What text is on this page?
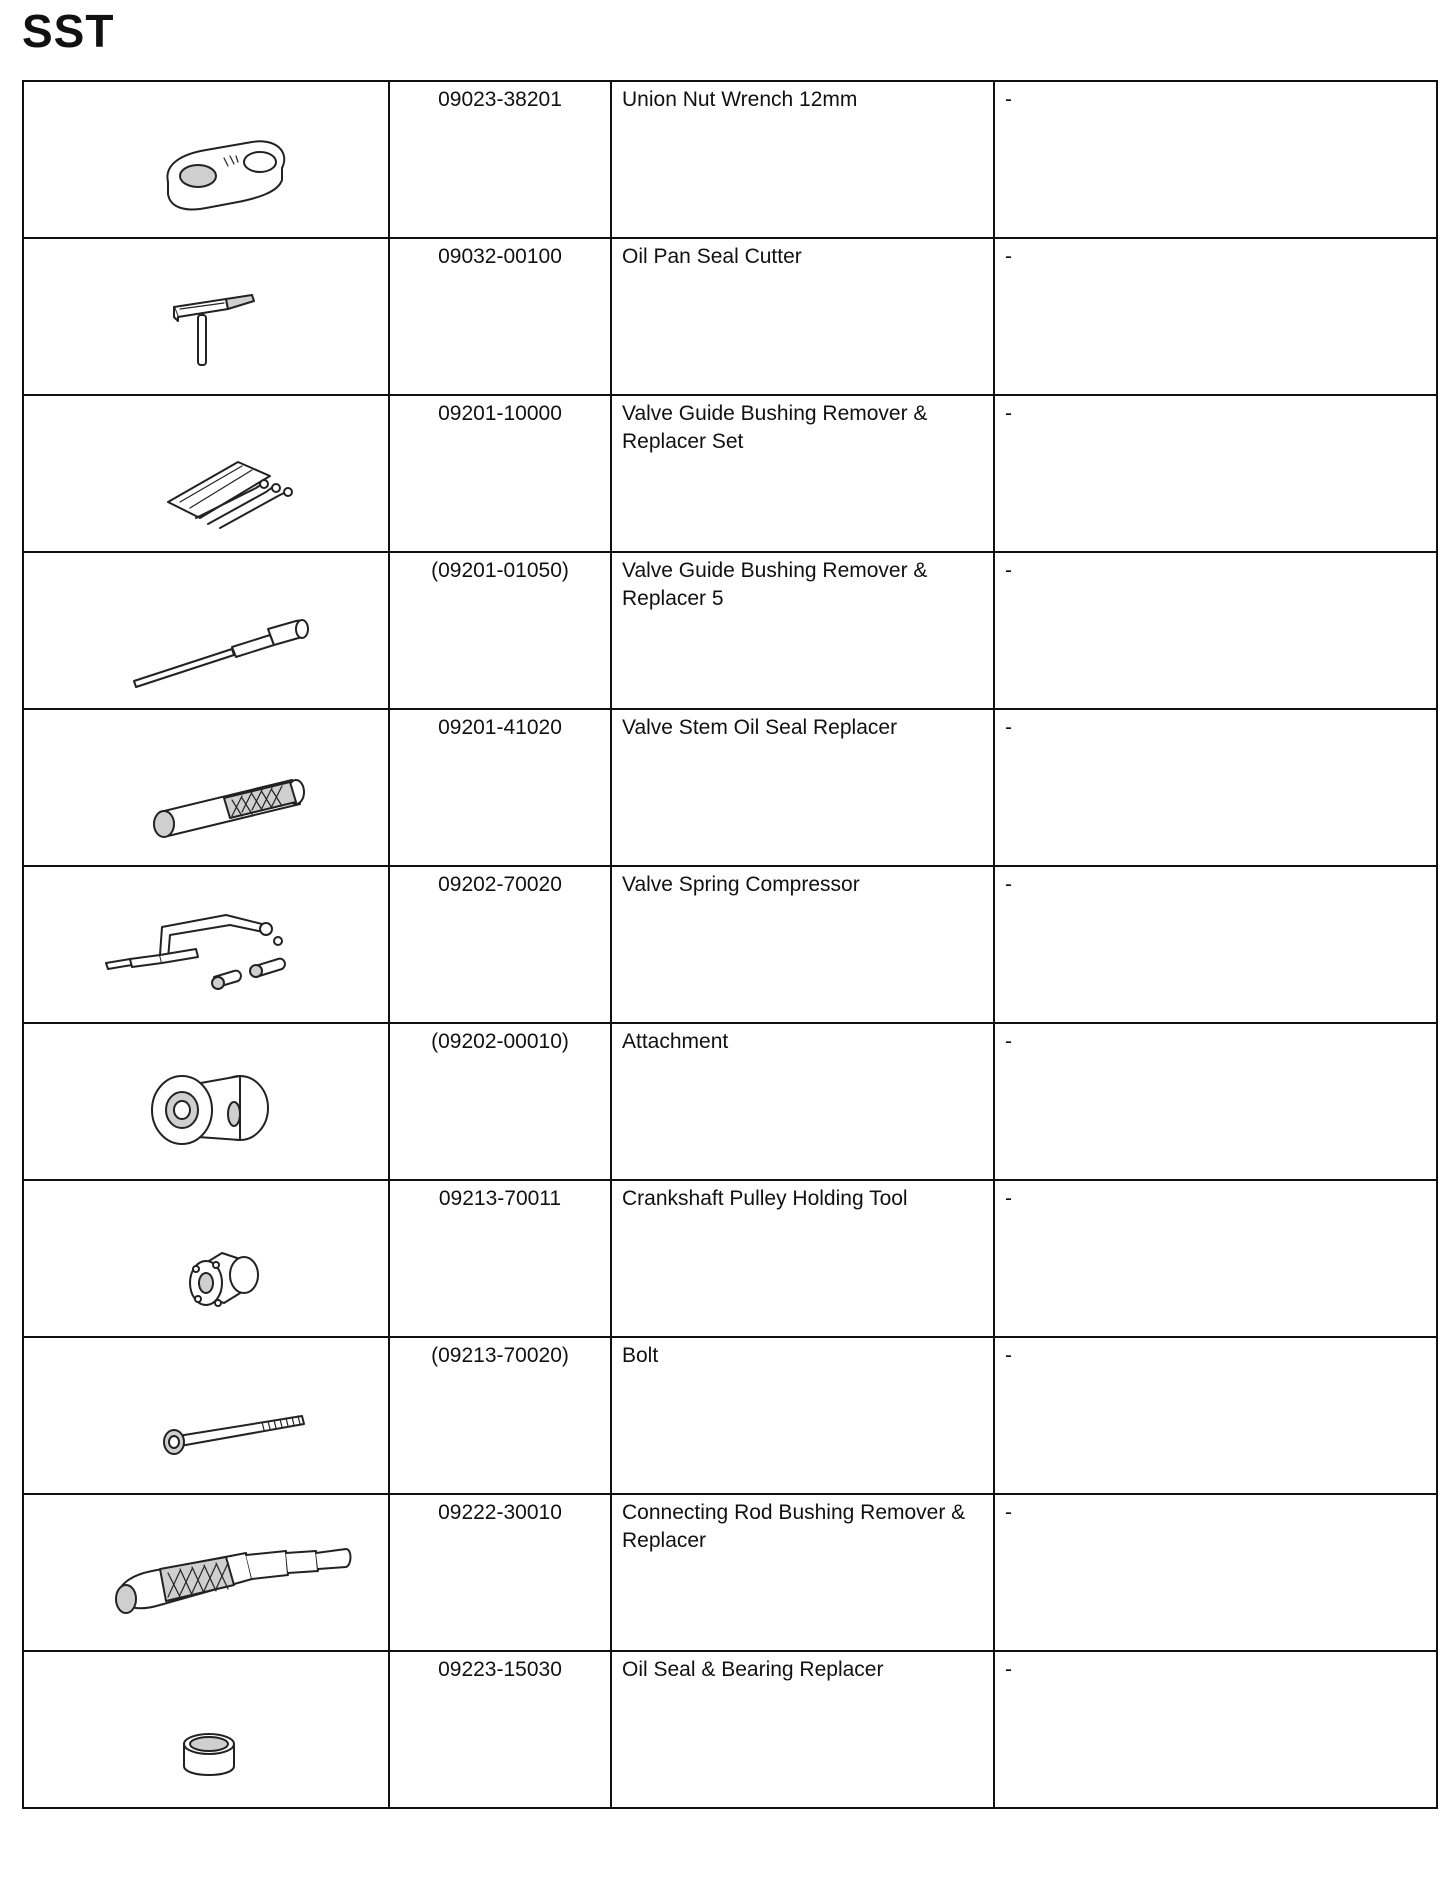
SST
	09023-38201	Union Nut Wrench 12mm	-

	09032-00100	Oil Pan Seal Cutter	-

	09201-10000	Valve Guide Bushing Remover & Replacer Set	-

	(09201-01050)	Valve Guide Bushing Remover & Replacer 5	-

	09201-41020	Valve Stem Oil Seal Replacer	-

	09202-70020	Valve Spring Compressor	-

	(09202-00010)	Attachment	-

	09213-70011	Crankshaft Pulley Holding Tool	-

	(09213-70020)	Bolt	-

	09222-30010	Connecting Rod Bushing Remover & Replacer	-

	09223-15030	Oil Seal & Bearing Replacer	-
